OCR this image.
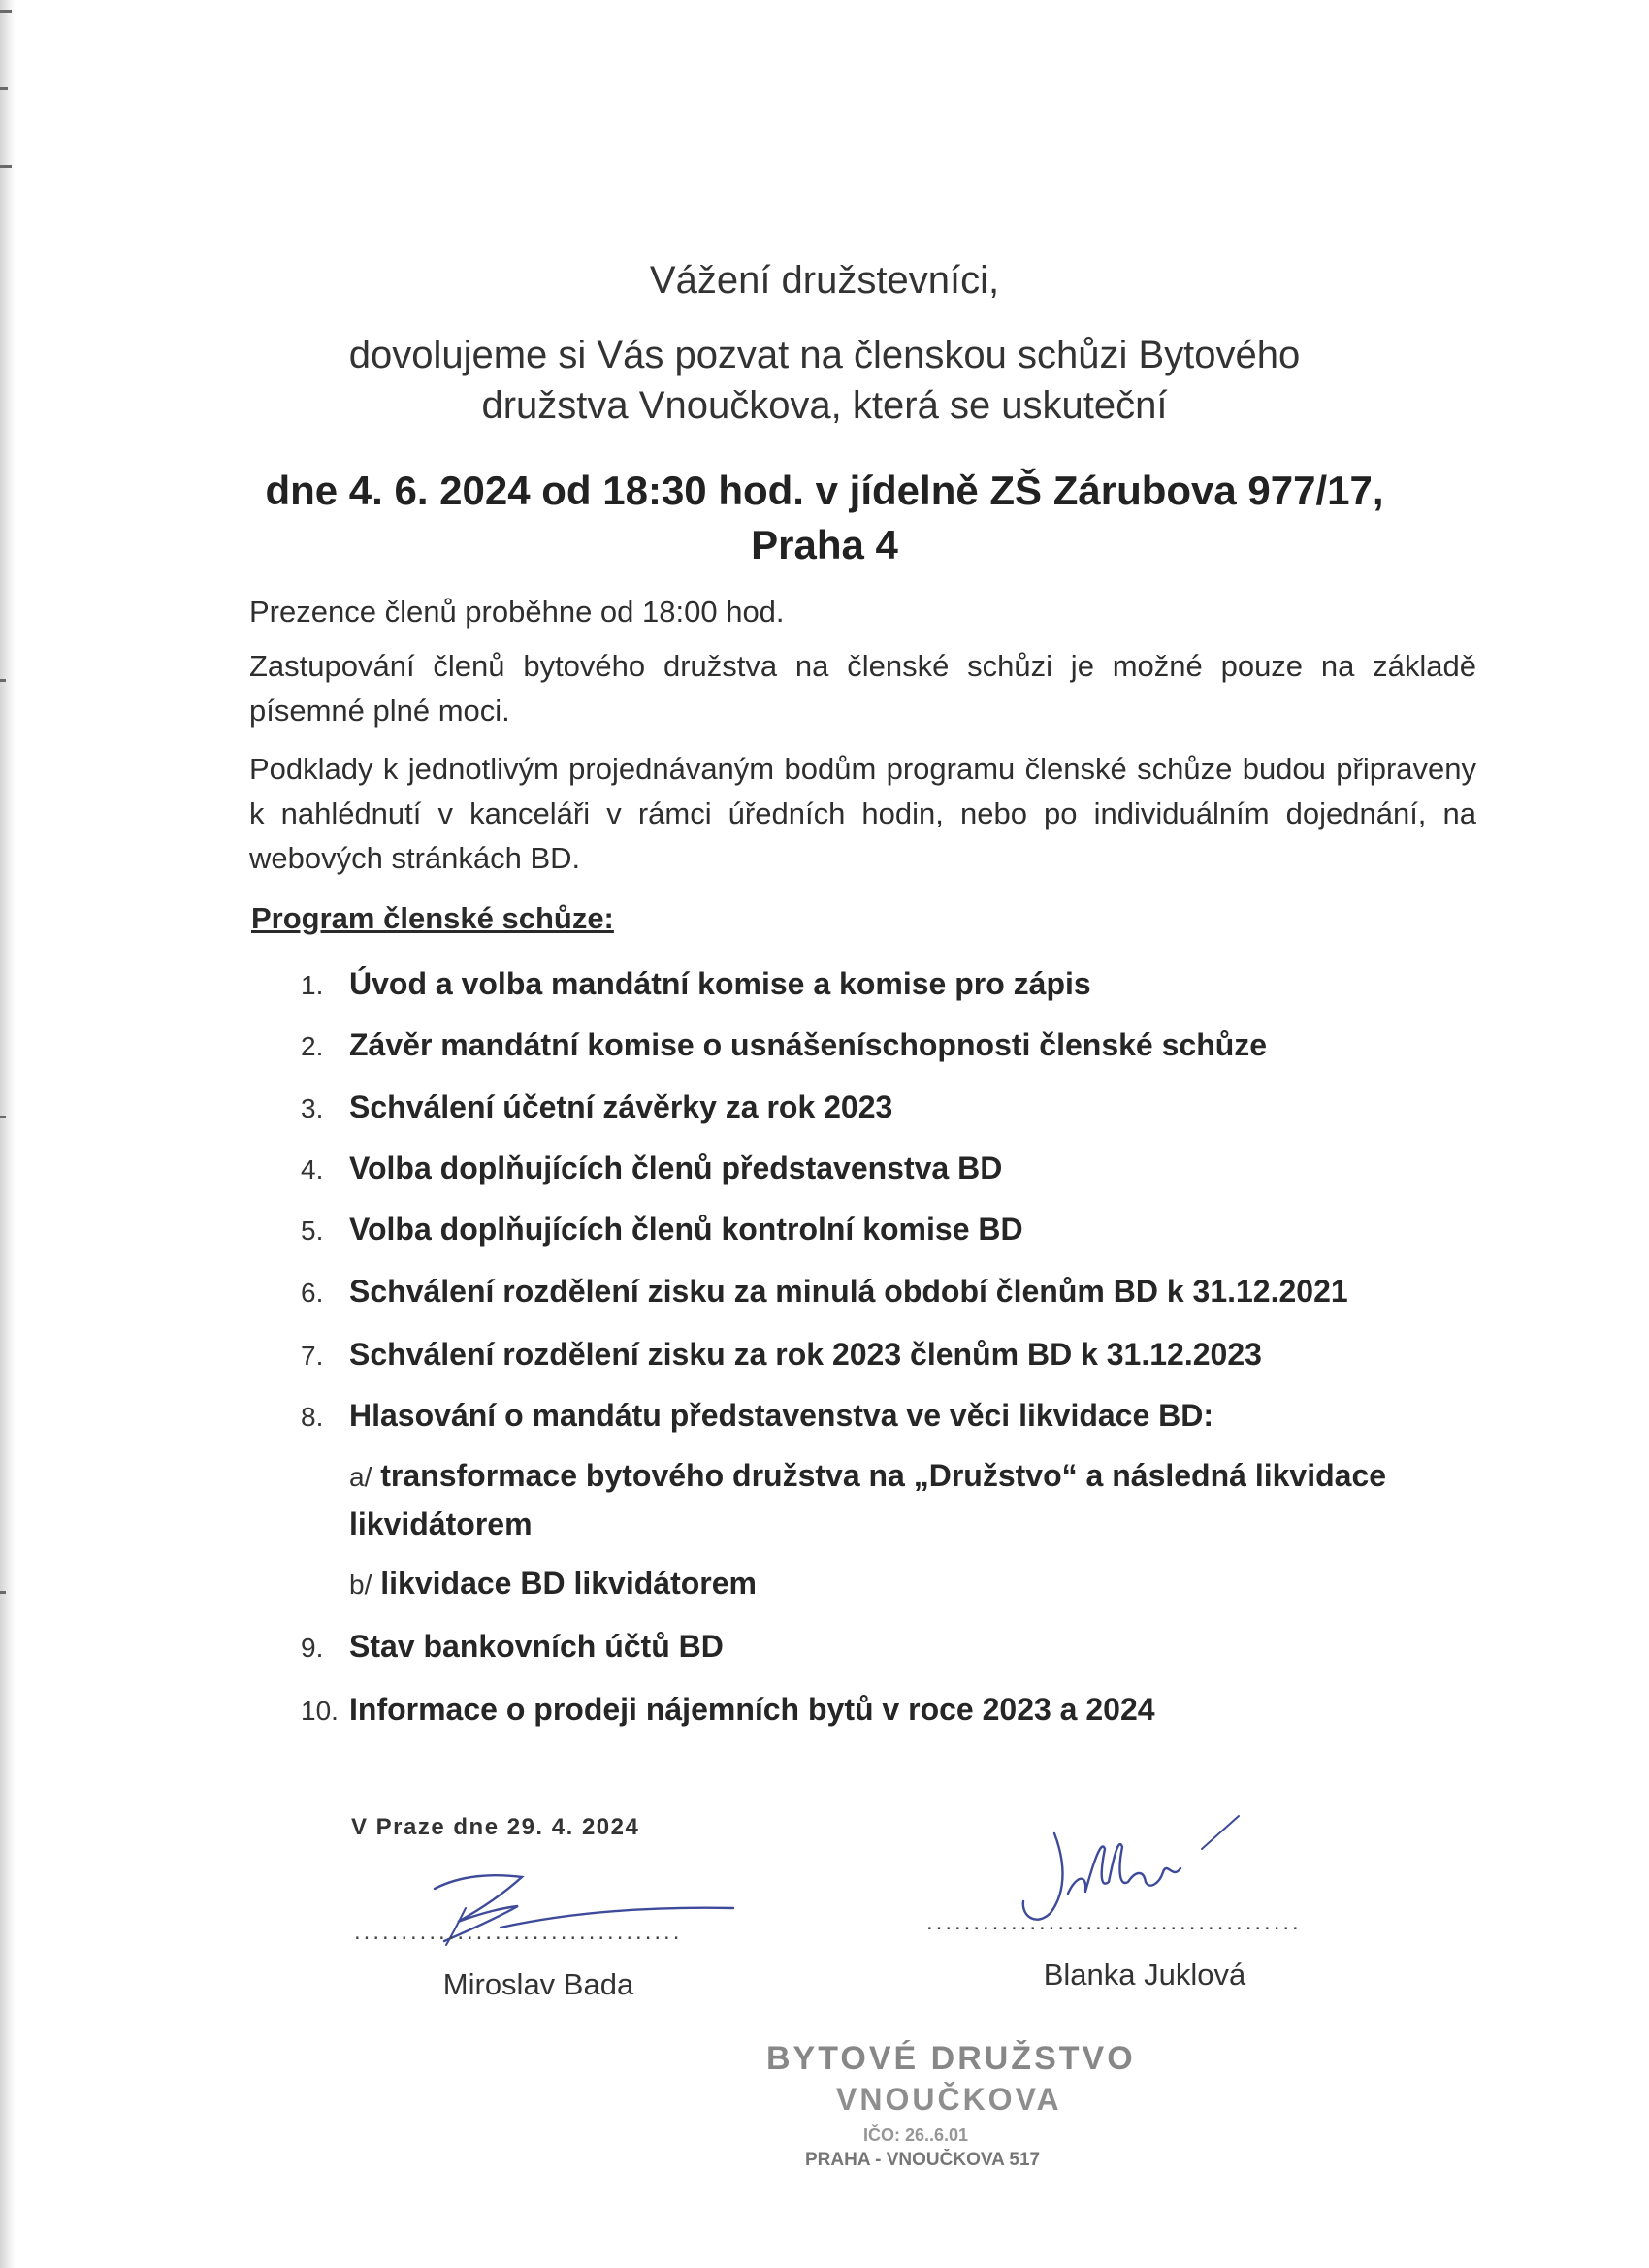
Vážení družstevníci,
dovolujeme si Vás pozvat na členskou schůzi Bytového
družstva Vnoučkova, která se uskuteční
dne 4. 6. 2024 od 18:30 hod. v jídelně ZŠ Zárubova 977/17,
Praha 4
Prezence členů proběhne od 18:00 hod.
Zastupování členů bytového družstva na členské schůzi je možné pouze na základě písemné plné moci.
Podklady k jednotlivým projednávaným bodům programu členské schůze budou připraveny k nahlédnutí v kanceláři v rámci úředních hodin, nebo po individuálním dojednání, na webových stránkách BD.
Program členské schůze:
1. Úvod a volba mandátní komise a komise pro zápis
2. Závěr mandátní komise o usnášeníschopnosti členské schůze
3. Schválení účetní závěrky za rok 2023
4. Volba doplňujících členů představenstva BD
5. Volba doplňujících členů kontrolní komise BD
6. Schválení rozdělení zisku za minulá období členům BD k 31.12.2021
7. Schválení rozdělení zisku za rok 2023 členům BD k 31.12.2023
8. Hlasování o mandátu představenstva ve věci likvidace BD:
a/ transformace bytového družstva na „Družstvo“ a následná likvidace likvidátorem
b/ likvidace BD likvidátorem
9. Stav bankovních účtů BD
10. Informace o prodeji nájemních bytů v roce 2023 a 2024
V Praze dne 29. 4. 2024
...................................	........................................
Miroslav Bada	Blanka Juklová
BYTOVÉ DRUŽSTVO
VNOUČKOVA
IČO: 26..6.01
PRAHA - VNOUČKOVA 517
